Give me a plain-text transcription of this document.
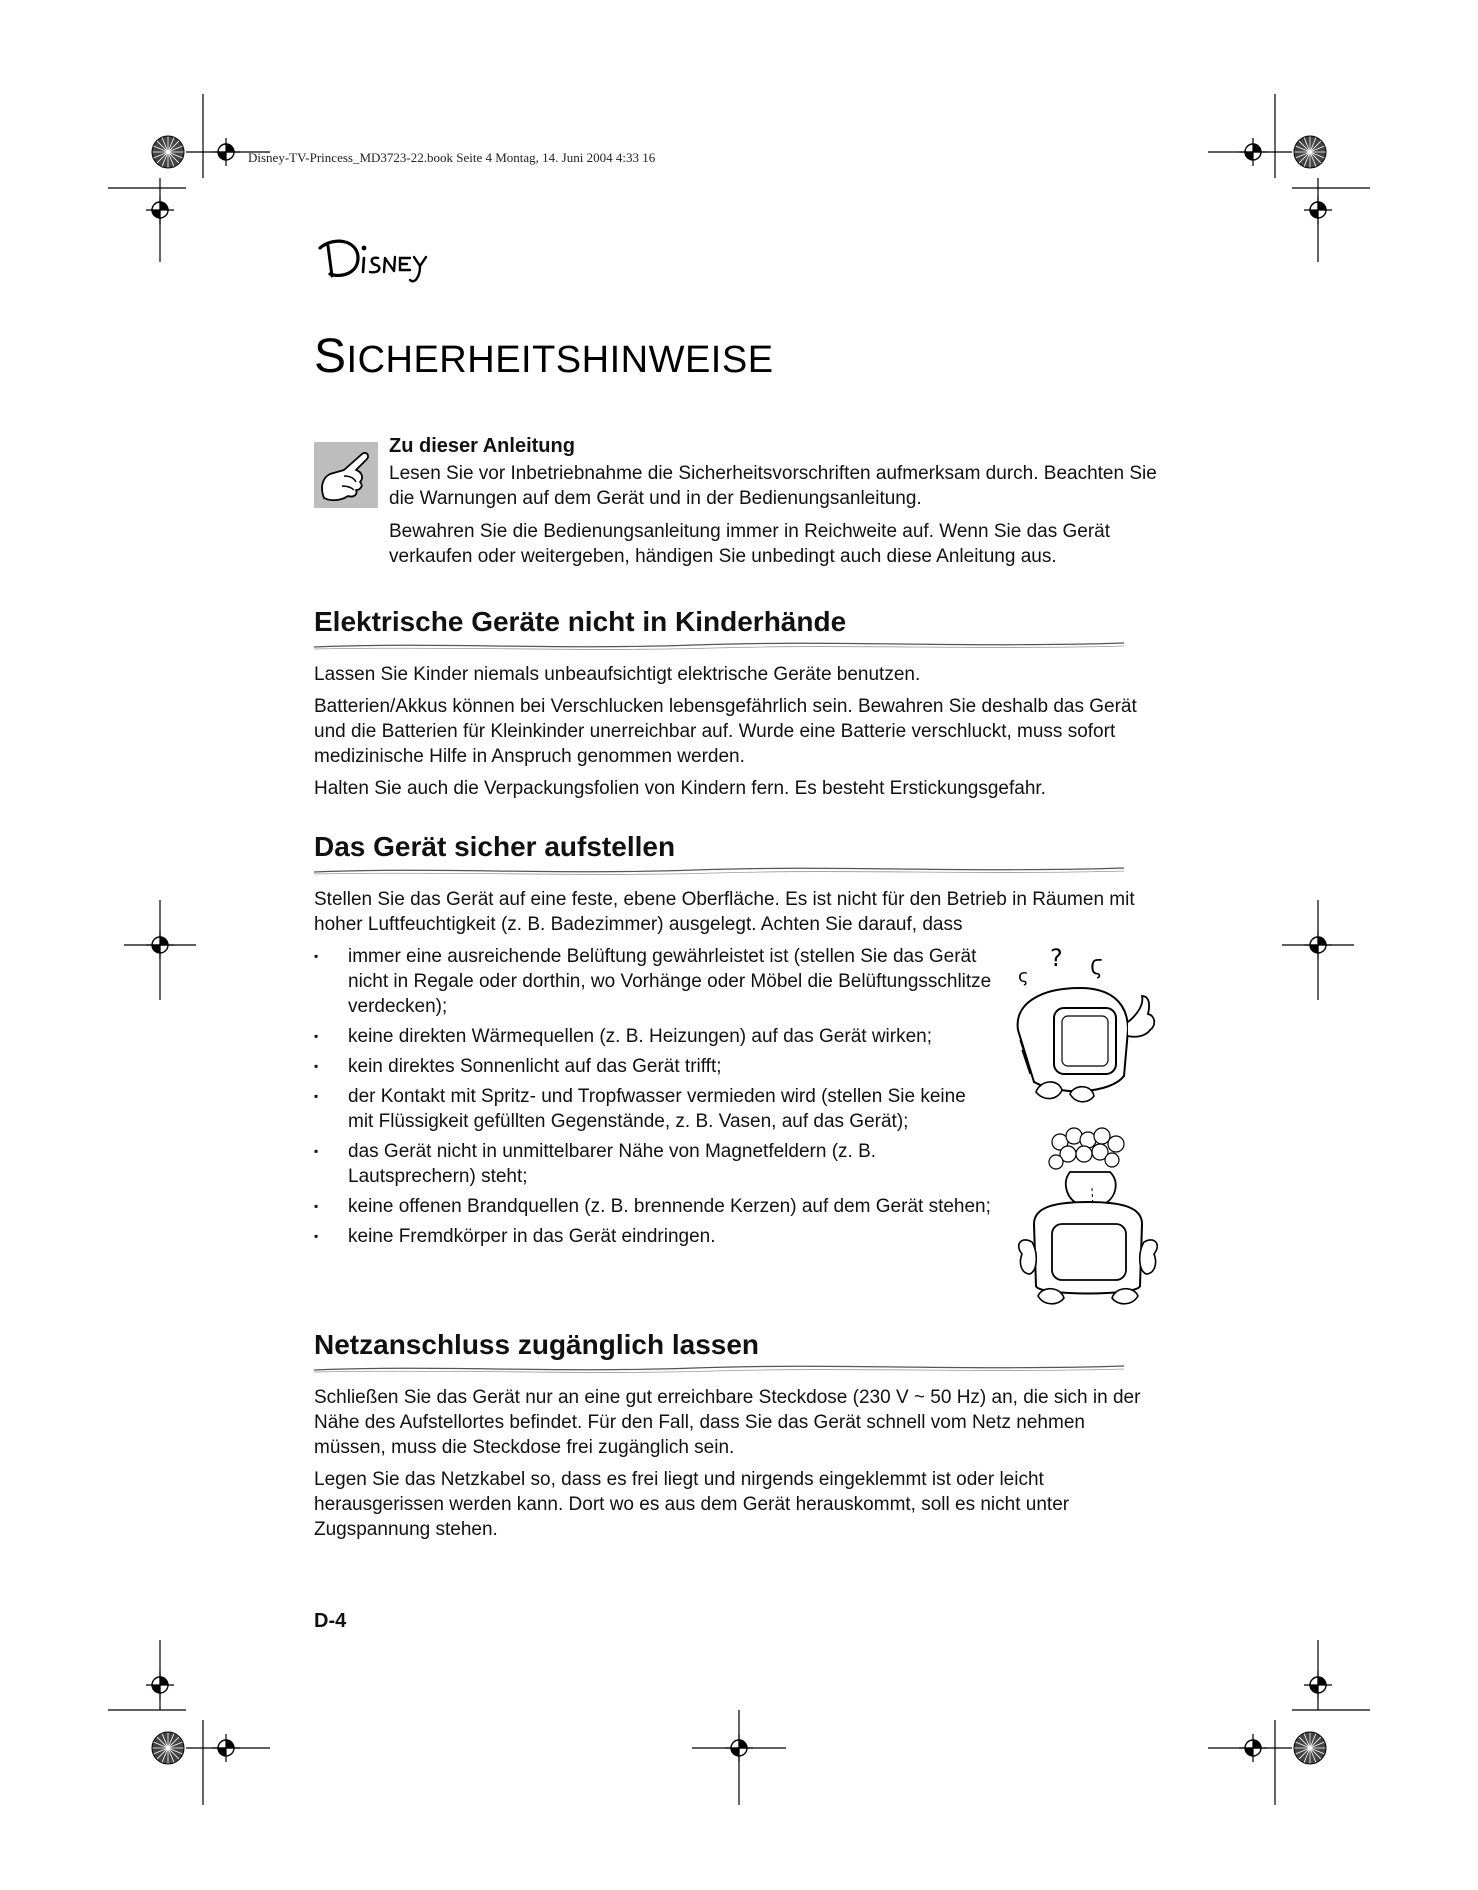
Disney-TV-Princess_MD3723-22.book Seite 4 Montag, 14. Juni 2004 4:33 16
Disney
SICHERHEITSHINWEISE
Zu dieser Anleitung

Lesen Sie vor Inbetriebnahme die Sicherheitsvorschriften aufmerksam durch. Beachten Sie die Warnungen auf dem Gerät und in der Bedienungsanleitung.

Bewahren Sie die Bedienungsanleitung immer in Reichweite auf. Wenn Sie das Gerät verkaufen oder weitergeben, händigen Sie unbedingt auch diese Anleitung aus.

Elektrische Geräte nicht in Kinderhände

Lassen Sie Kinder niemals unbeaufsichtigt elektrische Geräte benutzen.

Batterien/Akkus können bei Verschlucken lebensgefährlich sein. Bewahren Sie deshalb das Gerät und die Batterien für Kleinkinder unerreichbar auf. Wurde eine Batterie verschluckt, muss sofort medizinische Hilfe in Anspruch genommen werden.

Halten Sie auch die Verpackungsfolien von Kindern fern. Es besteht Erstickungsgefahr.

Das Gerät sicher aufstellen

Stellen Sie das Gerät auf eine feste, ebene Oberfläche. Es ist nicht für den Betrieb in Räumen mit hoher Luftfeuchtigkeit (z. B. Badezimmer) ausgelegt. Achten Sie darauf, dass

▪ immer eine ausreichende Belüftung gewährleistet ist (stellen Sie das Gerät nicht in Regale oder dorthin, wo Vorhänge oder Möbel die Belüftungsschlitze verdecken);
▪ keine direkten Wärmequellen (z. B. Heizungen) auf das Gerät wirken;
▪ kein direktes Sonnenlicht auf das Gerät trifft;
▪ der Kontakt mit Spritz- und Tropfwasser vermieden wird (stellen Sie keine mit Flüssigkeit gefüllten Gegenstände, z. B. Vasen, auf das Gerät);
▪ das Gerät nicht in unmittelbarer Nähe von Magnetfeldern (z. B. Lautsprechern) steht;
▪ keine offenen Brandquellen (z. B. brennende Kerzen) auf dem Gerät stehen;
▪ keine Fremdkörper in das Gerät eindringen.
ς
? Ϛ
Netzanschluss zugänglich lassen

Schließen Sie das Gerät nur an eine gut erreichbare Steckdose (230 V ~ 50 Hz) an, die sich in der Nähe des Aufstellortes befindet. Für den Fall, dass Sie das Gerät schnell vom Netz nehmen müssen, muss die Steckdose frei zugänglich sein.

Legen Sie das Netzkabel so, dass es frei liegt und nirgends eingeklemmt ist oder leicht herausgerissen werden kann. Dort wo es aus dem Gerät herauskommt, soll es nicht unter Zugspannung stehen.

D-4
